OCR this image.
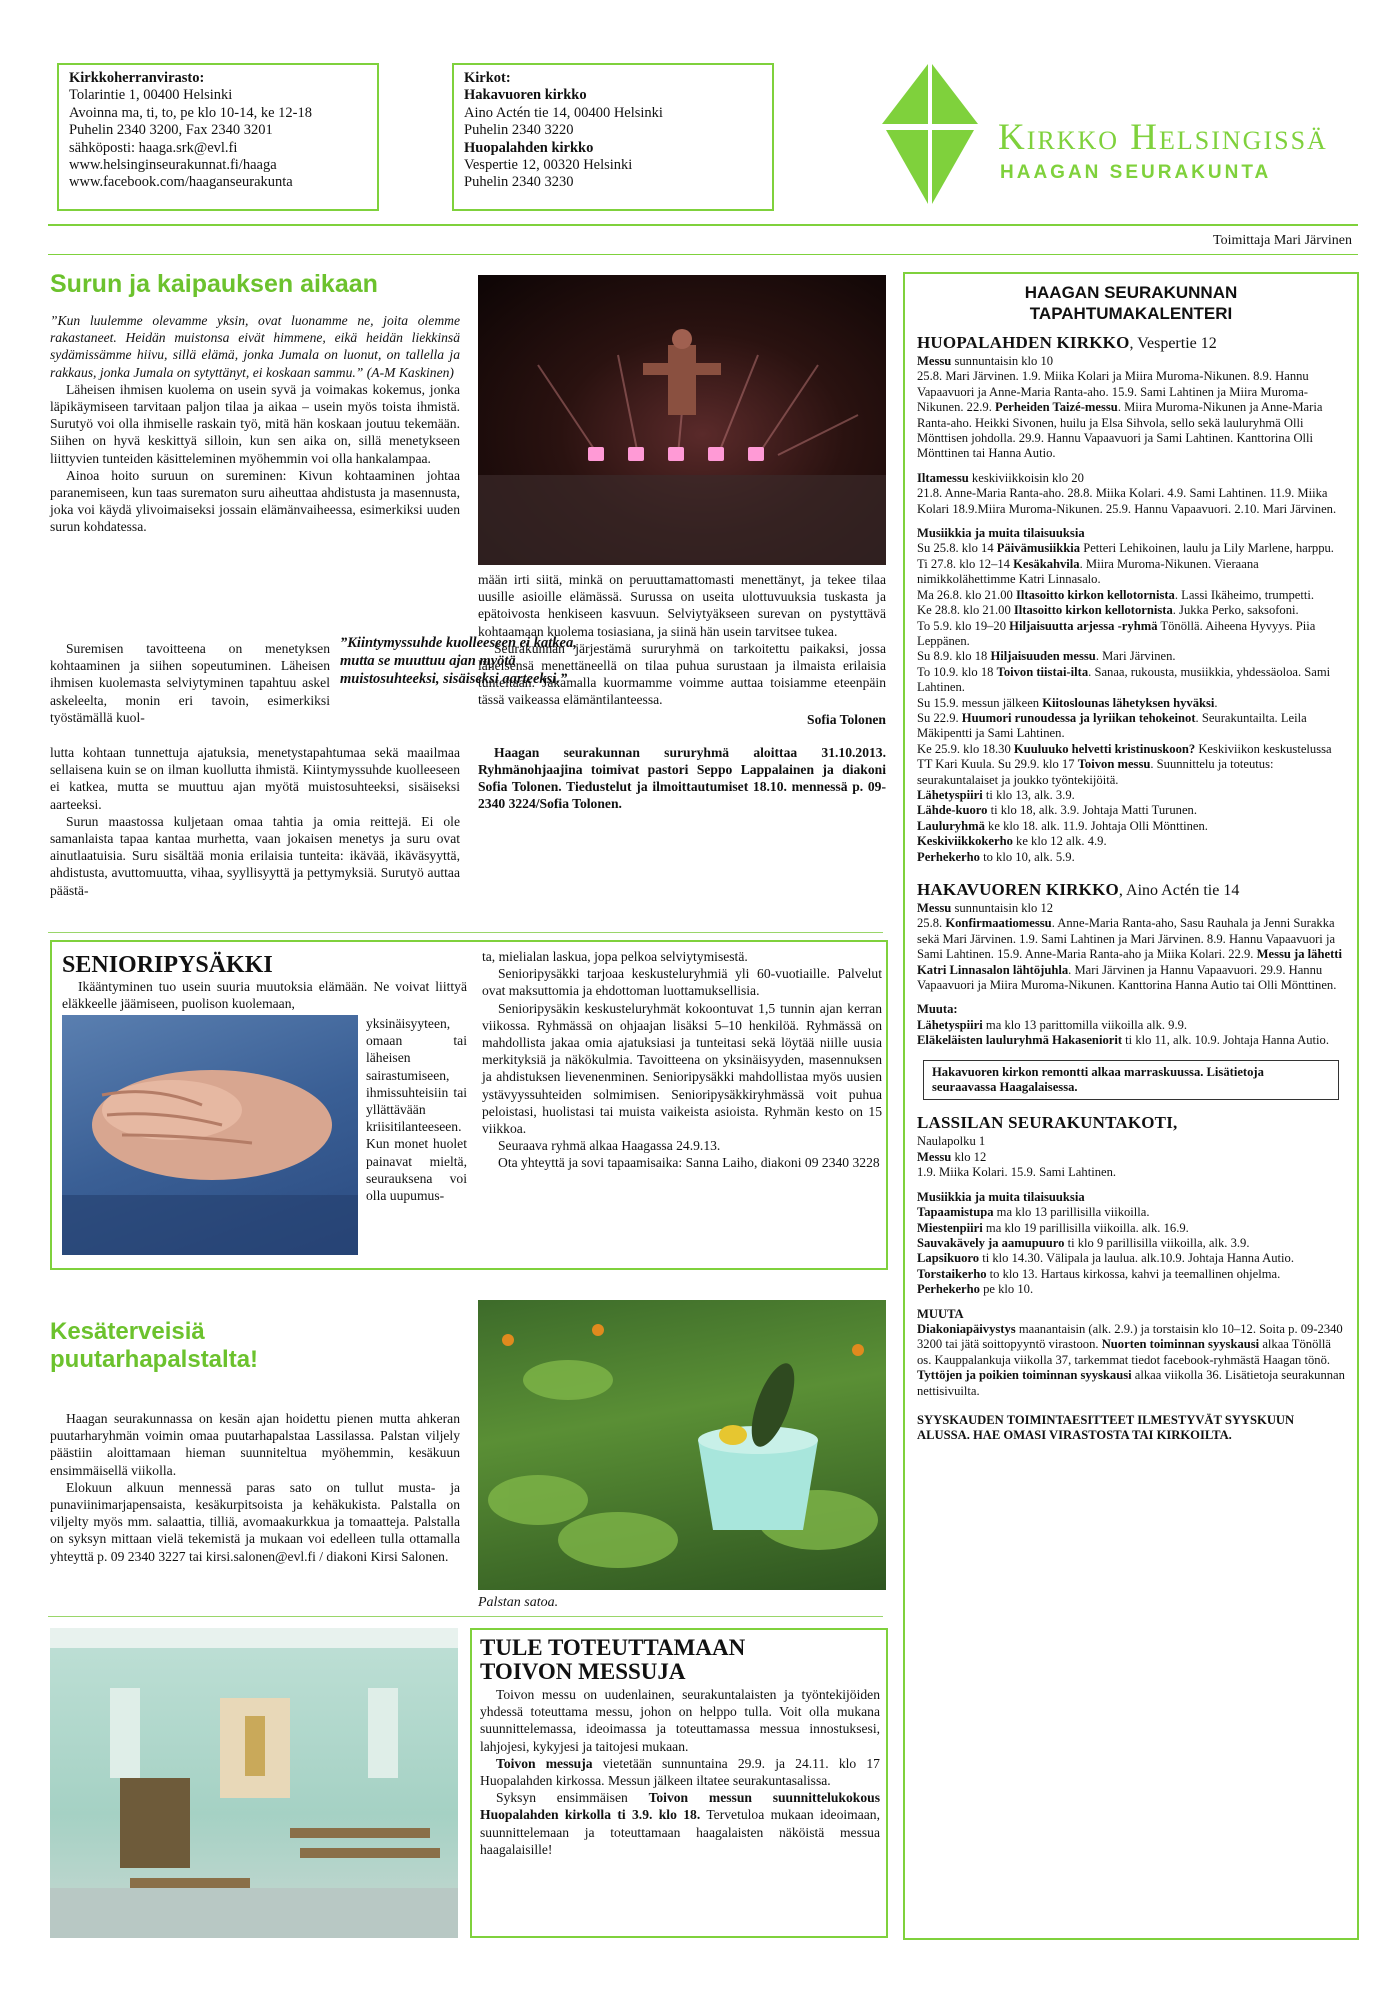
Kirkkoherranvirasto:
Tolarintie 1, 00400 Helsinki
Avoinna ma, ti, to, pe klo 10-14, ke 12-18
Puhelin 2340 3200, Fax 2340 3201
sähköposti: haaga.srk@evl.fi
www.helsinginseurakunnat.fi/haaga
www.facebook.com/haaganseurakunta
Kirkot:
Hakavuoren kirkko
Aino Actén tie 14, 00400 Helsinki
Puhelin 2340 3220
Huopalahden kirkko
Vespertie 12, 00320 Helsinki
Puhelin 2340 3230
Kirkko Helsingissä
HAAGAN SEURAKUNTA
Toimittaja Mari Järvinen
Surun ja kaipauksen aikaan

”Kun luulemme olevamme yksin, ovat luonamme ne, joita olemme rakastaneet. Heidän muistonsa eivät himmene, eikä heidän liekkinsä sydämissämme hiivu, sillä elämä, jonka Jumala on luonut, on tallella ja rakkaus, jonka Jumala on sytyttänyt, ei koskaan sammu.” (A-M Kaskinen)

Läheisen ihmisen kuolema on usein syvä ja voimakas kokemus, jonka läpikäymiseen tarvitaan paljon tilaa ja aikaa – usein myös toista ihmistä. Surutyö voi olla ihmiselle raskain työ, mitä hän koskaan joutuu tekemään. Siihen on hyvä keskittyä silloin, kun sen aika on, sillä menetykseen liittyvien tunteiden käsitteleminen myöhemmin voi olla hankalampaa.

Ainoa hoito suruun on sureminen: Kivun kohtaaminen johtaa paranemiseen, kun taas surematon suru aiheuttaa ahdistusta ja masennusta, joka voi käydä ylivoimaiseksi jossain elämänvaiheessa, esimerkiksi uuden surun kohdatessa.

Suremisen tavoitteena on menetyksen kohtaaminen ja siihen sopeutuminen. Läheisen ihmisen kuolemasta selviytyminen tapahtuu askel askeleelta, monin eri tavoin, esimerkiksi työstämällä kuol-

lutta kohtaan tunnettuja ajatuksia, menetystapahtumaa sekä maailmaa sellaisena kuin se on ilman kuollutta ihmistä. Kiintymyssuhde kuolleeseen ei katkea, mutta se muuttuu ajan myötä muistosuhteeksi, sisäiseksi aarteeksi.

Surun maastossa kuljetaan omaa tahtia ja omia reittejä. Ei ole samanlaista tapaa kantaa murhetta, vaan jokaisen menetys ja suru ovat ainutlaatuisia. Suru sisältää monia erilaisia tunteita: ikävää, ikäväsyyttä, ahdistusta, avuttomuutta, vihaa, syyllisyyttä ja pettymyksiä. Surutyö auttaa päästä-

”Kiintymyssuhde kuolleeseen ei katkea, mutta se muuttuu ajan myötä muistosuhteeksi, sisäiseksi aarteeksi.”

mään irti siitä, minkä on peruuttamattomasti menettänyt, ja tekee tilaa uusille asioille elämässä. Surussa on useita ulottuvuuksia tuskasta ja epätoivosta henkiseen kasvuun. Selviytyäkseen surevan on pystyttävä kohtaamaan kuolema tosiasiana, ja siinä hän usein tarvitsee tukea.

Seurakunnan järjestämä sururyhmä on tarkoitettu paikaksi, jossa läheisensä menettäneellä on tilaa puhua surustaan ja ilmaista erilaisia tunteitaan. Jakamalla kuormamme voimme auttaa toisiamme eteenpäin tässä vaikeassa elämäntilanteessa.

Sofia Tolonen

Haagan seurakunnan sururyhmä aloittaa 31.10.2013. Ryhmänohjaajina toimivat pastori Seppo Lappalainen ja diakoni Sofia Tolonen. Tiedustelut ja ilmoittautumiset 18.10. mennessä p. 09-2340 3224/Sofia Tolonen.

SENIORIPYSÄKKI

Ikääntyminen tuo usein suuria muutoksia elämään. Ne voivat liittyä eläkkeelle jäämiseen, puolison kuolemaan,

yksinäisyyteen, omaan tai läheisen sairastumiseen, ihmissuhteisiin tai yllättävään kriisitilanteeseen. Kun monet huolet painavat mieltä, seurauksena voi olla uupumus-

ta, mielialan laskua, jopa pelkoa selviytymisestä.

Senioripysäkki tarjoaa keskusteluryhmiä yli 60-vuotiaille. Palvelut ovat maksuttomia ja ehdottoman luottamuksellisia.

Senioripysäkin keskusteluryhmät kokoontuvat 1,5 tunnin ajan kerran viikossa. Ryhmässä on ohjaajan lisäksi 5–10 henkilöä. Ryhmässä on mahdollista jakaa omia ajatuksiasi ja tunteitasi sekä löytää niille uusia merkityksiä ja näkökulmia. Tavoitteena on yksinäisyyden, masennuksen ja ahdistuksen lievenenminen. Senioripysäkki mahdollistaa myös uusien ystävyyssuhteiden solmimisen. Senioripysäkkiryhmässä voit puhua peloistasi, huolistasi tai muista vaikeista asioista. Ryhmän kesto on 15 viikkoa.

Seuraava ryhmä alkaa Haagassa 24.9.13.

Ota yhteyttä ja sovi tapaamisaika: Sanna Laiho, diakoni 09 2340 3228

Kesäterveisiä
puutarhapalstalta!

Haagan seurakunnassa on kesän ajan hoidettu pienen mutta ahkeran puutarharyhmän voimin omaa puutarhapalstaa Lassilassa. Palstan viljely päästiin aloittamaan hieman suunniteltua myöhemmin, kesäkuun ensimmäisellä viikolla.

Elokuun alkuun mennessä paras sato on tullut musta- ja punaviinimarjapensaista, kesäkurpitsoista ja kehäkukista. Palstalla on viljelty myös mm. salaattia, tilliä, avomaakurkkua ja tomaatteja. Palstalla on syksyn mittaan vielä tekemistä ja mukaan voi edelleen tulla ottamalla yhteyttä p. 09 2340 3227 tai kirsi.salonen@evl.fi / diakoni Kirsi Salonen.

Palstan satoa.
TULE TOTEUTTAMAAN
TOIVON MESSUJA

Toivon messu on uudenlainen, seurakuntalaisten ja työntekijöiden yhdessä toteuttama messu, johon on helppo tulla. Voit olla mukana suunnittelemassa, ideoimassa ja toteuttamassa messua innostuksesi, lahjojesi, kykyjesi ja taitojesi mukaan.

Toivon messuja vietetään sunnuntaina 29.9. ja 24.11. klo 17 Huopalahden kirkossa. Messun jälkeen iltatee seurakuntasalissa.

Syksyn ensimmäisen Toivon messun suunnittelukokous Huopalahden kirkolla ti 3.9. klo 18. Tervetuloa mukaan ideoimaan, suunnittelemaan ja toteuttamaan haagalaisten näköistä messua haagalaisille!

HAAGAN SEURAKUNNAN
TAPAHTUMAKALENTERI

HUOPALAHDEN KIRKKO, Vespertie 12

Messu sunnuntaisin klo 10

25.8. Mari Järvinen. 1.9. Miika Kolari ja Miira Muroma-Nikunen. 8.9. Hannu Vapaavuori ja Anne-Maria Ranta-aho. 15.9. Sami Lahtinen ja Miira Muroma-Nikunen. 22.9. Perheiden Taizé-messu. Miira Muroma-Nikunen ja Anne-Maria Ranta-aho. Heikki Sivonen, huilu ja Elsa Sihvola, sello sekä lauluryhmä Olli Mönttisen johdolla. 29.9. Hannu Vapaavuori ja Sami Lahtinen. Kanttorina Olli Mönttinen tai Hanna Autio.

Iltamessu keskiviikkoisin klo 20

21.8. Anne-Maria Ranta-aho. 28.8. Miika Kolari. 4.9. Sami Lahtinen. 11.9. Miika Kolari 18.9.Miira Muroma-Nikunen. 25.9. Hannu Vapaavuori. 2.10. Mari Järvinen.

Musiikkia ja muita tilaisuuksia

Su 25.8. klo 14 Päivämusiikkia Petteri Lehikoinen, laulu ja Lily Marlene, harppu.

Ti 27.8. klo 12–14 Kesäkahvila. Miira Muroma-Nikunen. Vieraana nimikkolähettimme Katri Linnasalo.

Ma 26.8. klo 21.00 Iltasoitto kirkon kellotornista. Lassi Ikäheimo, trumpetti.

Ke 28.8. klo 21.00 Iltasoitto kirkon kellotornista. Jukka Perko, saksofoni.

To 5.9. klo 19–20 Hiljaisuutta arjessa -ryhmä Tönöllä. Aiheena Hyvyys. Piia Leppänen.

Su 8.9. klo 18 Hiljaisuuden messu. Mari Järvinen.

To 10.9. klo 18 Toivon tiistai-ilta. Sanaa, rukousta, musiikkia, yhdessäoloa. Sami Lahtinen.

Su 15.9. messun jälkeen Kiitoslounas lähetyksen hyväksi.

Su 22.9. Huumori runoudessa ja lyriikan tehokeinot. Seurakuntailta. Leila Mäkipentti ja Sami Lahtinen.

Ke 25.9. klo 18.30 Kuuluuko helvetti kristinuskoon? Keskiviikon keskustelussa TT Kari Kuula. Su 29.9. klo 17 Toivon messu. Suunnittelu ja toteutus: seurakuntalaiset ja joukko työntekijöitä.

Lähetyspiiri ti klo 13, alk. 3.9.

Lähde-kuoro ti klo 18, alk. 3.9. Johtaja Matti Turunen.

Lauluryhmä ke klo 18. alk. 11.9. Johtaja Olli Mönttinen.

Keskiviikkokerho ke klo 12 alk. 4.9.

Perhekerho to klo 10, alk. 5.9.

HAKAVUOREN KIRKKO, Aino Actén tie 14

Messu sunnuntaisin klo 12

25.8. Konfirmaatiomessu. Anne-Maria Ranta-aho, Sasu Rauhala ja Jenni Surakka sekä Mari Järvinen. 1.9. Sami Lahtinen ja Mari Järvinen. 8.9. Hannu Vapaavuori ja Sami Lahtinen. 15.9. Anne-Maria Ranta-aho ja Miika Kolari. 22.9. Messu ja lähetti Katri Linnasalon lähtöjuhla. Mari Järvinen ja Hannu Vapaavuori. 29.9. Hannu Vapaavuori ja Miira Muroma-Nikunen. Kanttorina Hanna Autio tai Olli Mönttinen.

Muuta:

Lähetyspiiri ma klo 13 parittomilla viikoilla alk. 9.9.

Eläkeläisten lauluryhmä Hakaseniorit ti klo 11, alk. 10.9. Johtaja Hanna Autio.

Hakavuoren kirkon remontti alkaa marraskuussa. Lisätietoja seuraavassa Haagalaisessa.

LASSILAN SEURAKUNTAKOTI,

Naulapolku 1

Messu klo 12

1.9. Miika Kolari. 15.9. Sami Lahtinen.

Musiikkia ja muita tilaisuuksia

Tapaamistupa ma klo 13 parillisilla viikoilla.

Miestenpiiri ma klo 19 parillisilla viikoilla. alk. 16.9.

Sauvakävely ja aamupuuro ti klo 9 parillisilla viikoilla, alk. 3.9.

Lapsikuoro ti klo 14.30. Välipala ja laulua. alk.10.9. Johtaja Hanna Autio.

Torstaikerho to klo 13. Hartaus kirkossa, kahvi ja teemallinen ohjelma.

Perhekerho pe klo 10.

MUUTA

Diakoniapäivystys maanantaisin (alk. 2.9.) ja torstaisin klo 10–12. Soita p. 09-2340 3200 tai jätä soittopyyntö virastoon. Nuorten toiminnan syyskausi alkaa Tönöllä os. Kauppalankuja viikolla 37, tarkemmat tiedot facebook-ryhmästä Haagan tönö. Tyttöjen ja poikien toiminnan syyskausi alkaa viikolla 36. Lisätietoja seurakunnan nettisivuilta.

SYYSKAUDEN TOIMINTAESITTEET ILMESTYVÄT SYYSKUUN ALUSSA. HAE OMASI VIRASTOSTA TAI KIRKOILTA.
